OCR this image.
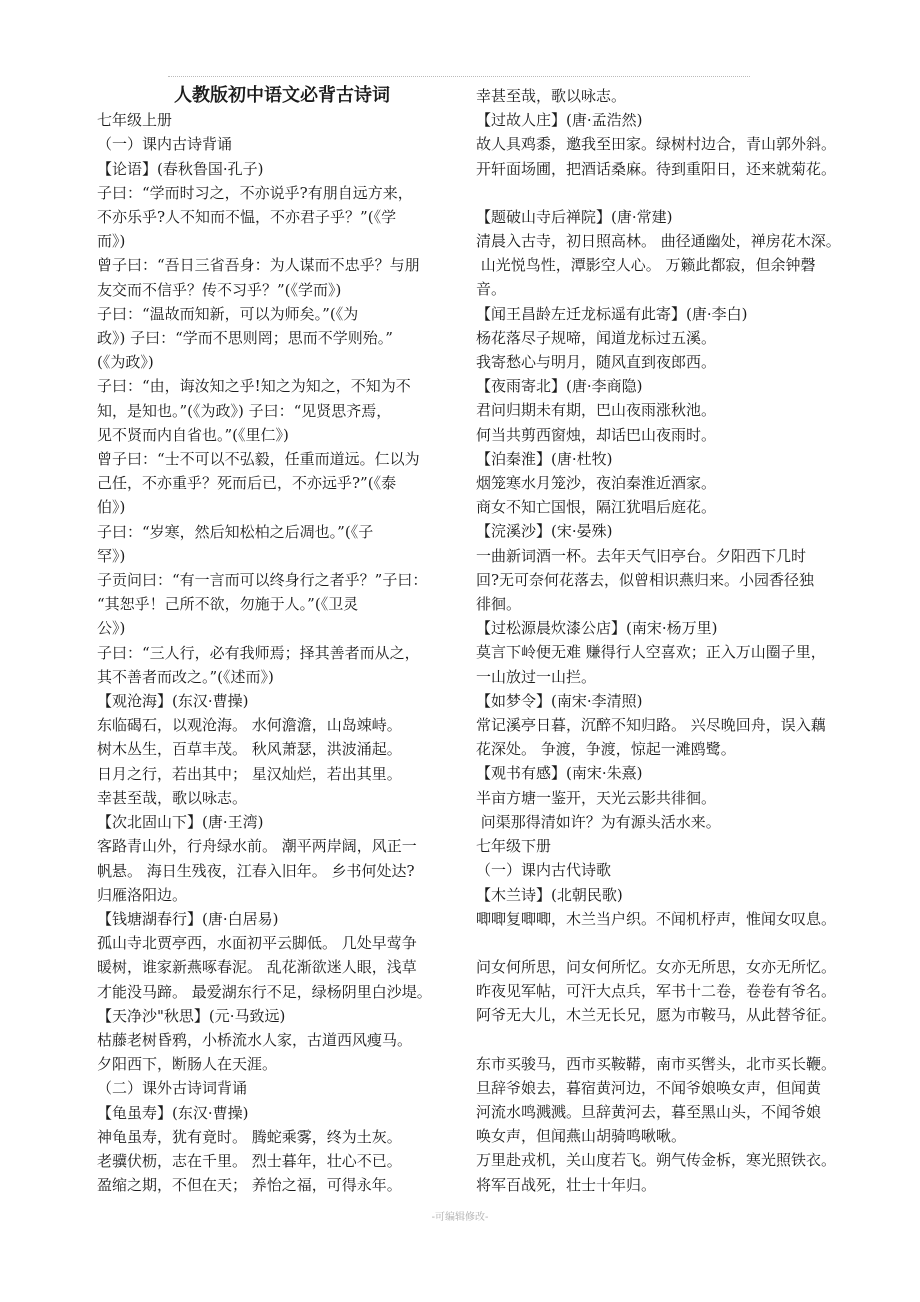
人教版初中语文必背古诗词
七年级上册
（一）课内古诗背诵
【论语】(春秋鲁国·孔子)
子曰：“学而时习之，不亦说乎?有朋自远方来，
不亦乐乎?人不知而不愠，不亦君子乎？”(《学
而》)
曾子曰：“吾日三省吾身：为人谋而不忠乎？与朋
友交而不信乎？传不习乎？”(《学而》)
子曰：“温故而知新，可以为师矣。”(《为
政》) 子曰：“学而不思则罔；思而不学则殆。”
(《为政》)
子曰：“由，诲汝知之乎!知之为知之，不知为不
知，是知也。”(《为政》) 子曰：“见贤思齐焉，
见不贤而内自省也。”(《里仁》)
曾子曰：“士不可以不弘毅，任重而道远。仁以为
己任，不亦重乎？死而后已，不亦远乎?”(《泰
伯》)
子曰：“岁寒，然后知松柏之后凋也。”(《子
罕》)
子贡问曰：“有一言而可以终身行之者乎？”子曰：
“其恕乎！己所不欲，勿施于人。”(《卫灵
公》)
子曰：“三人行，必有我师焉；择其善者而从之，
其不善者而改之。”(《述而》)
【观沧海】(东汉·曹操)
东临碣石，以观沧海。 水何澹澹，山岛竦峙。
树木丛生，百草丰茂。 秋风萧瑟，洪波涌起。
日月之行，若出其中； 星汉灿烂，若出其里。
幸甚至哉，歌以咏志。
【次北固山下】(唐·王湾)
客路青山外，行舟绿水前。 潮平两岸阔，风正一
帆悬。 海日生残夜，江春入旧年。 乡书何处达?
归雁洛阳边。
【钱塘湖春行】(唐·白居易)
孤山寺北贾亭西，水面初平云脚低。 几处早莺争
暖树，谁家新燕啄春泥。 乱花渐欲迷人眼，浅草
才能没马蹄。 最爱湖东行不足，绿杨阴里白沙堤。
【天净沙"秋思】(元·马致远)
枯藤老树昏鸦，小桥流水人家，古道西风瘦马。
夕阳西下，断肠人在天涯。
（二）课外古诗词背诵
【龟虽寿】(东汉·曹操)
神龟虽寿，犹有竟时。 腾蛇乘雾，终为土灰。
老骥伏枥，志在千里。 烈士暮年，壮心不已。
盈缩之期，不但在天； 养怡之福，可得永年。
幸甚至哉，歌以咏志。
【过故人庄】(唐·孟浩然)
故人具鸡黍，邀我至田家。绿树村边合，青山郭外斜。
开轩面场圃，把酒话桑麻。待到重阳日，还来就菊花。
【题破山寺后禅院】(唐·常建)
清晨入古寺，初日照高林。 曲径通幽处，禅房花木深。
山光悦鸟性，潭影空人心。 万籁此都寂，但余钟磬
音。
【闻王昌龄左迁龙标遥有此寄】(唐·李白)
杨花落尽子规啼，闻道龙标过五溪。
我寄愁心与明月，随风直到夜郎西。
【夜雨寄北】(唐·李商隐)
君问归期未有期，巴山夜雨涨秋池。
何当共剪西窗烛，却话巴山夜雨时。
【泊秦淮】(唐·杜牧)
烟笼寒水月笼沙，夜泊秦淮近酒家。
商女不知亡国恨，隔江犹唱后庭花。
【浣溪沙】(宋·晏殊)
一曲新词酒一杯。去年天气旧亭台。夕阳西下几时
回?无可奈何花落去，似曾相识燕归来。小园香径独
徘徊。
【过松源晨炊漆公店】(南宋·杨万里)
莫言下岭便无难 赚得行人空喜欢；正入万山圈子里，
一山放过一山拦。
【如梦令】(南宋·李清照)
常记溪亭日暮，沉醉不知归路。 兴尽晚回舟，误入藕
花深处。 争渡，争渡，惊起一滩鸥鹭。
【观书有感】(南宋·朱熹)
半亩方塘一鉴开，天光云影共徘徊。
问渠那得清如许？为有源头活水来。
七年级下册
（一）课内古代诗歌
【木兰诗】(北朝民歌)
唧唧复唧唧，木兰当户织。不闻机杼声，惟闻女叹息。
问女何所思，问女何所忆。女亦无所思，女亦无所忆。
昨夜见军帖，可汗大点兵，军书十二卷，卷卷有爷名。
阿爷无大儿，木兰无长兄，愿为市鞍马，从此替爷征。
东市买骏马，西市买鞍鞯，南市买辔头，北市买长鞭。
旦辞爷娘去，暮宿黄河边，不闻爷娘唤女声，但闻黄
河流水鸣溅溅。旦辞黄河去，暮至黑山头，不闻爷娘
唤女声，但闻燕山胡骑鸣啾啾。
万里赴戎机，关山度若飞。朔气传金柝，寒光照铁衣。
将军百战死，壮士十年归。
-可编辑修改-
